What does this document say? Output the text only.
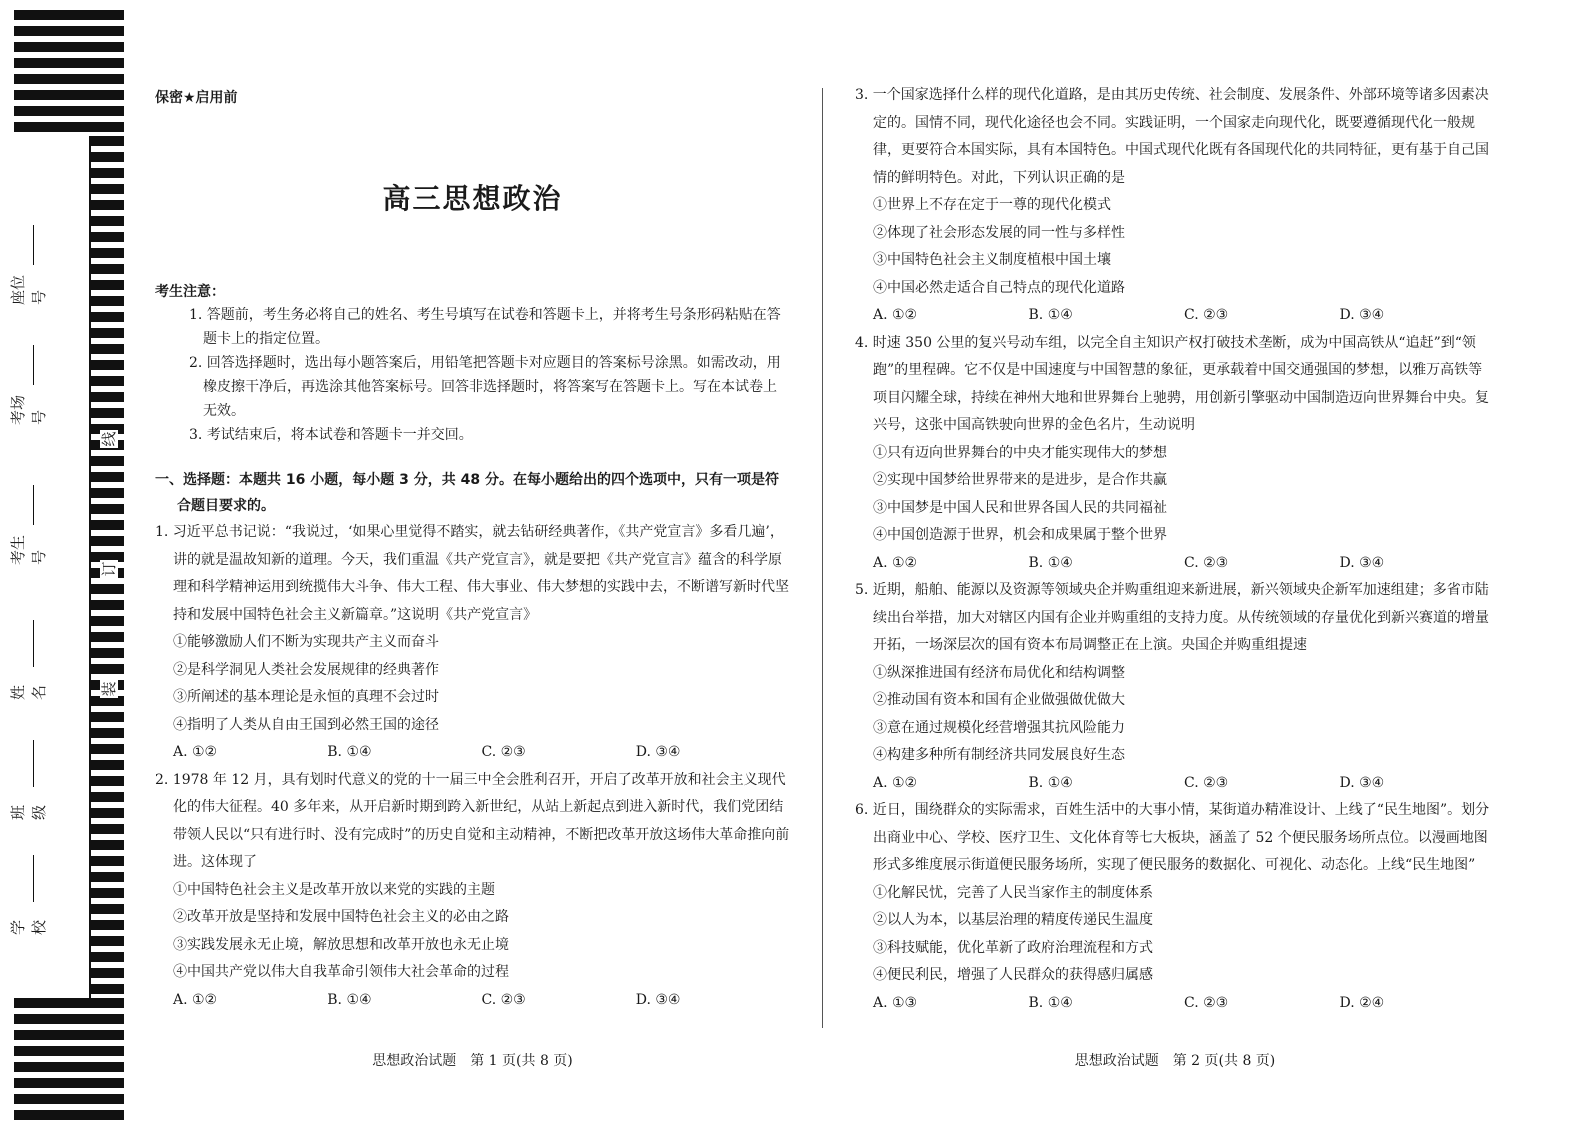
学校
班级
姓名
考生号
考场号
座位号
装
订
线
保密★启用前
高三思想政治
考生注意：
1. 答题前，考生务必将自己的姓名、考生号填写在试卷和答题卡上，并将考生号条形码粘贴在答题卡上的指定位置。
2. 回答选择题时，选出每小题答案后，用铅笔把答题卡对应题目的答案标号涂黑。如需改动，用橡皮擦干净后，再选涂其他答案标号。回答非选择题时，将答案写在答题卡上。写在本试卷上无效。
3. 考试结束后，将本试卷和答题卡一并交回。
一、选择题：本题共 16 小题，每小题 3 分，共 48 分。在每小题给出的四个选项中，只有一项是符合题目要求的。
1. 习近平总书记说：“我说过，‘如果心里觉得不踏实，就去钻研经典著作，《共产党宣言》多看几遍’，讲的就是温故知新的道理。今天，我们重温《共产党宣言》，就是要把《共产党宣言》蕴含的科学原理和科学精神运用到统揽伟大斗争、伟大工程、伟大事业、伟大梦想的实践中去，不断谱写新时代坚持和发展中国特色社会主义新篇章。”这说明《共产党宣言》
①能够激励人们不断为实现共产主义而奋斗
②是科学洞见人类社会发展规律的经典著作
③所阐述的基本理论是永恒的真理不会过时
④指明了人类从自由王国到必然王国的途径
A. ①②	B. ①④	C. ②③	D. ③④
2. 1978 年 12 月，具有划时代意义的党的十一届三中全会胜利召开，开启了改革开放和社会主义现代化的伟大征程。40 多年来，从开启新时期到跨入新世纪，从站上新起点到进入新时代，我们党团结带领人民以“只有进行时、没有完成时”的历史自觉和主动精神，不断把改革开放这场伟大革命推向前进。这体现了
①中国特色社会主义是改革开放以来党的实践的主题
②改革开放是坚持和发展中国特色社会主义的必由之路
③实践发展永无止境，解放思想和改革开放也永无止境
④中国共产党以伟大自我革命引领伟大社会革命的过程
A. ①②	B. ①④	C. ②③	D. ③④
3. 一个国家选择什么样的现代化道路，是由其历史传统、社会制度、发展条件、外部环境等诸多因素决定的。国情不同，现代化途径也会不同。实践证明，一个国家走向现代化，既要遵循现代化一般规律，更要符合本国实际，具有本国特色。中国式现代化既有各国现代化的共同特征，更有基于自己国情的鲜明特色。对此，下列认识正确的是
①世界上不存在定于一尊的现代化模式
②体现了社会形态发展的同一性与多样性
③中国特色社会主义制度植根中国土壤
④中国必然走适合自己特点的现代化道路
A. ①②	B. ①④	C. ②③	D. ③④
4. 时速 350 公里的复兴号动车组，以完全自主知识产权打破技术垄断，成为中国高铁从“追赶”到“领跑”的里程碑。它不仅是中国速度与中国智慧的象征，更承载着中国交通强国的梦想，以雅万高铁等项目闪耀全球，持续在神州大地和世界舞台上驰骋，用创新引擎驱动中国制造迈向世界舞台中央。复兴号，这张中国高铁驶向世界的金色名片，生动说明
①只有迈向世界舞台的中央才能实现伟大的梦想
②实现中国梦给世界带来的是进步，是合作共赢
③中国梦是中国人民和世界各国人民的共同福祉
④中国创造源于世界，机会和成果属于整个世界
A. ①②	B. ①④	C. ②③	D. ③④
5. 近期，船舶、能源以及资源等领域央企并购重组迎来新进展，新兴领域央企新军加速组建；多省市陆续出台举措，加大对辖区内国有企业并购重组的支持力度。从传统领域的存量优化到新兴赛道的增量开拓，一场深层次的国有资本布局调整正在上演。央国企并购重组提速
①纵深推进国有经济布局优化和结构调整
②推动国有资本和国有企业做强做优做大
③意在通过规模化经营增强其抗风险能力
④构建多种所有制经济共同发展良好生态
A. ①②	B. ①④	C. ②③	D. ③④
6. 近日，围绕群众的实际需求，百姓生活中的大事小情，某街道办精准设计、上线了“民生地图”。划分出商业中心、学校、医疗卫生、文化体育等七大板块，涵盖了 52 个便民服务场所点位。以漫画地图形式多维度展示街道便民服务场所，实现了便民服务的数据化、可视化、动态化。上线“民生地图”
①化解民忧，完善了人民当家作主的制度体系
②以人为本，以基层治理的精度传递民生温度
③科技赋能，优化革新了政府治理流程和方式
④便民利民，增强了人民群众的获得感归属感
A. ①③	B. ①④	C. ②③	D. ②④
思想政治试题　第 1 页(共 8 页)	思想政治试题　第 2 页(共 8 页)
